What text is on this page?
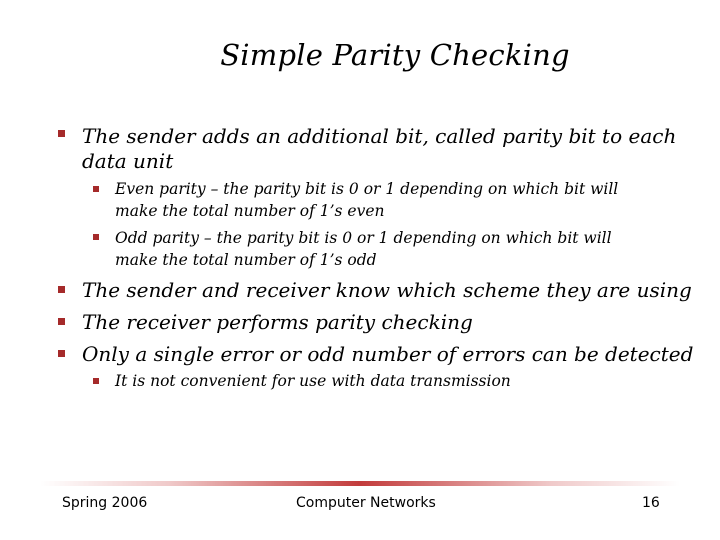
Simple Parity Checking
The sender adds an additional bit, called parity bit to each
data unit
Even parity – the parity bit is 0 or 1 depending on which bit will
make the total number of 1’s even
Odd parity – the parity bit is 0 or 1 depending on which bit will
make the total number of 1’s odd
The sender and receiver know which scheme they are using
The receiver performs parity checking
Only a single error or odd number of errors can be detected
It is not convenient for use with data transmission
Spring 2006	Computer Networks	16
